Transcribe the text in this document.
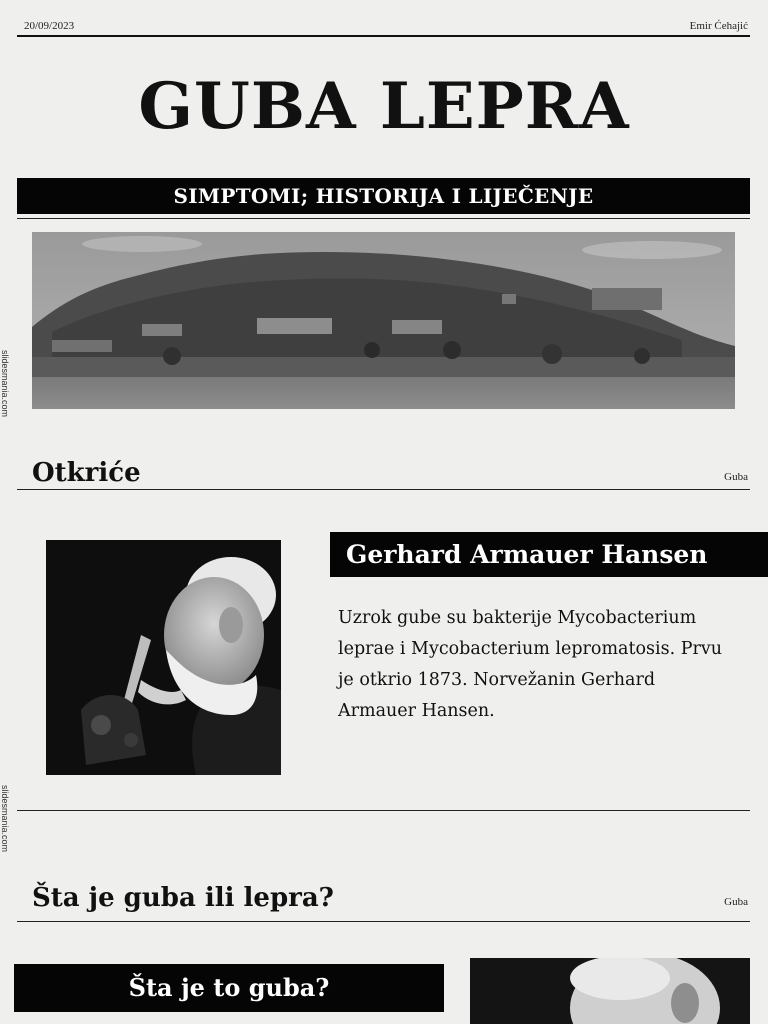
20/09/2023	Emir Ćehajić
GUBA LEPRA
SIMPTOMI; HISTORIJA I LIJEČENJE
slidesmania.com
slidesmania.com
Otkriće	Guba
Gerhard Armauer Hansen
Uzrok gube su bakterije Mycobacterium leprae i Mycobacterium lepromatosis. Prvu je otkrio 1873. Norvežanin Gerhard Armauer Hansen.
Šta je guba ili lepra?	Guba
Šta je to guba?
